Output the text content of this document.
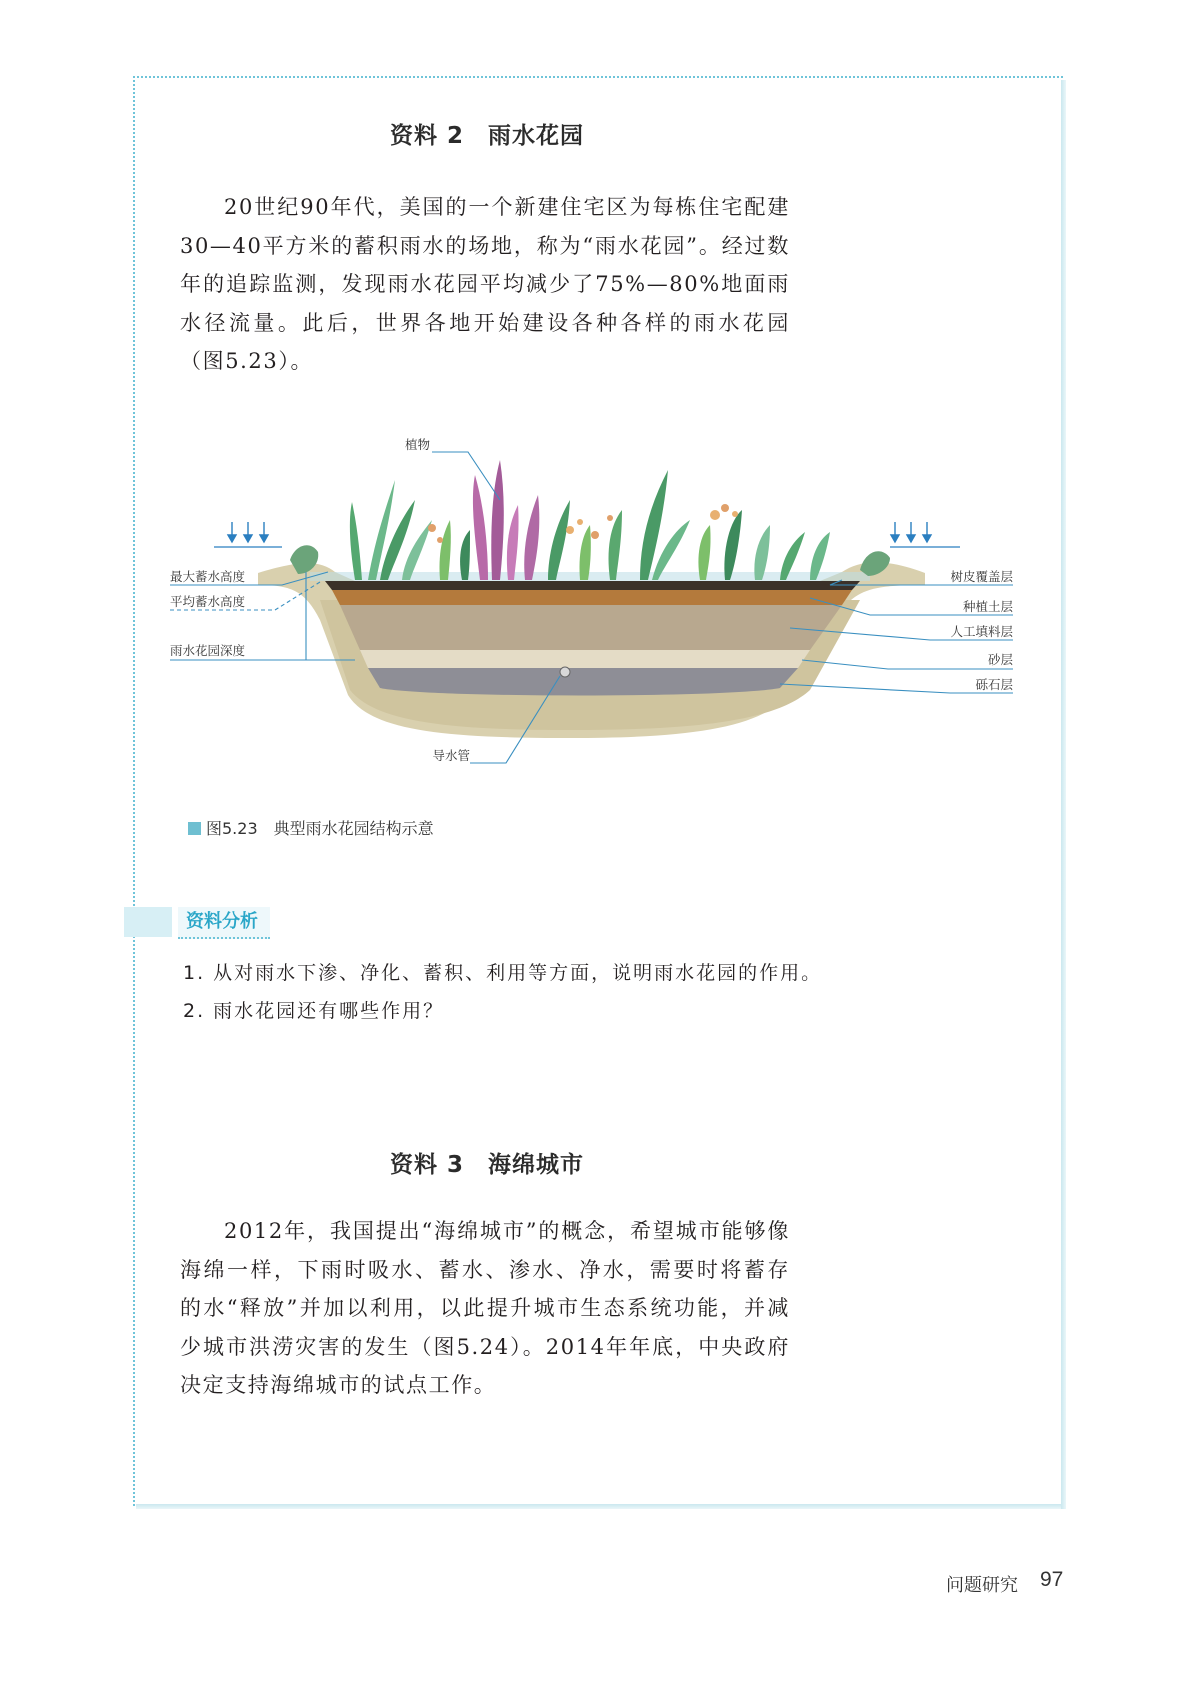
资料 2　雨水花园

20世纪90年代，美国的一个新建住宅区为每栋住宅配建30—40平方米的蓄积雨水的场地，称为“雨水花园”。经过数年的追踪监测，发现雨水花园平均减少了75%—80%地面雨水径流量。此后，世界各地开始建设各种各样的雨水花园（图5.23）。

植物
最大蓄水高度
平均蓄水高度
雨水花园深度
树皮覆盖层
种植土层
人工填料层
砂层
砾石层
导水管
图5.23　典型雨水花园结构示意
资料分析
1. 从对雨水下渗、净化、蓄积、利用等方面，说明雨水花园的作用。
2. 雨水花园还有哪些作用？
资料 3　海绵城市

2012年，我国提出“海绵城市”的概念，希望城市能够像海绵一样，下雨时吸水、蓄水、渗水、净水，需要时将蓄存的水“释放”并加以利用，以此提升城市生态系统功能，并减少城市洪涝灾害的发生（图5.24）。2014年年底，中央政府决定支持海绵城市的试点工作。

问题研究 97
